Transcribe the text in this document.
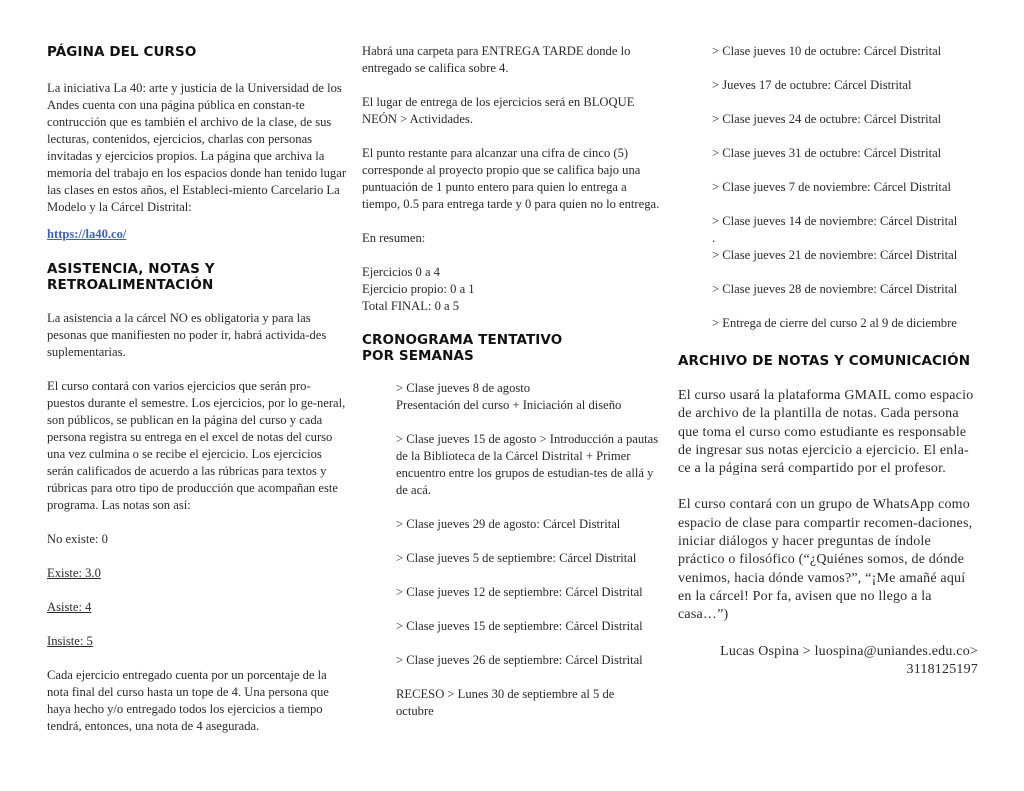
PÁGINA DEL CURSO

La iniciativa La 40: arte y justicia de la Universidad de los Andes cuenta con una página pública en constan-te contrucción que es también el archivo de la clase, de sus lecturas, contenidos, ejercicios, charlas con personas invitadas y ejercicios propios. La página que archiva la memoria del trabajo en los espacios donde han tenido lugar las clases en estos años, el Estableci-miento Carcelario La Modelo y la Cárcel Distrital:

https://la40.co/

ASISTENCIA, NOTAS Y
RETROALIMENTACIÓN

La asistencia a la cárcel NO es obligatoria y para las pesonas que manifiesten no poder ir, habrá activida-des suplementarias.

El curso contará con varios ejercicios que serán pro-puestos durante el semestre. Los ejercicios, por lo ge-neral, son públicos, se publican en la página del curso y cada persona registra su entrega en el excel de notas del curso una vez culmina o se recibe el ejercicio. Los ejercicios serán calificados de acuerdo a las rúbricas para textos y rúbricas para otro tipo de producción que acompañan este programa. Las notas son así:

No existe: 0

Existe: 3.0

Asiste: 4

Insiste: 5

Cada ejercicio entregado cuenta por un porcentaje de la nota final del curso hasta un tope de 4. Una persona que haya hecho y/o entregado todos los ejercicios a tiempo tendrá, entonces, una nota de 4 asegurada.

Habrá una carpeta para ENTREGA TARDE donde lo entregado se califica sobre 4.

El lugar de entrega de los ejercicios será en BLOQUE NEÓN > Actividades.

El punto restante para alcanzar una cifra de cinco (5) corresponde al proyecto propio que se califica bajo una puntuación de 1 punto entero para quien lo entrega a tiempo, 0.5 para entrega tarde y 0 para quien no lo entrega.

En resumen:

Ejercicios 0 a 4

Ejercicio propio: 0 a 1

Total FINAL: 0 a 5

CRONOGRAMA TENTATIVO
POR SEMANAS

> Clase jueves 8 de agosto
Presentación del curso + Iniciación al diseño

> Clase jueves 15 de agosto > Introducción a pautas de la Biblioteca de la Cárcel Distrital + Primer encuentro entre los grupos de estudian-tes de allá y de acá.

> Clase jueves 29 de agosto: Cárcel Distrital

> Clase jueves 5 de septiembre: Cárcel Distrital

> Clase jueves 12 de septiembre: Cárcel Distrital

> Clase jueves 15 de septiembre: Cárcel Distrital

> Clase jueves 26 de septiembre: Cárcel Distrital

RECESO > Lunes 30 de septiembre al 5 de octubre

> Clase jueves 10 de octubre: Cárcel Distrital

> Jueves 17 de octubre: Cárcel Distrital

> Clase jueves 24 de octubre: Cárcel Distrital

> Clase jueves 31 de octubre: Cárcel Distrital

> Clase jueves 7 de noviembre: Cárcel Distrital

> Clase jueves 14 de noviembre: Cárcel Distrital

.

> Clase jueves 21 de noviembre: Cárcel Distrital

> Clase jueves 28 de noviembre: Cárcel Distrital

> Entrega de cierre del curso 2 al 9 de diciembre

ARCHIVO DE NOTAS Y COMUNICACIÓN

El curso usará la plataforma GMAIL como espacio de archivo de la plantilla de notas. Cada persona que toma el curso como estudiante es responsable de ingresar sus notas ejercicio a ejercicio. El enla-ce a la página será compartido por el profesor.

El curso contará con un grupo de WhatsApp como espacio de clase para compartir recomen-daciones, iniciar diálogos y hacer preguntas de índole práctico o filosófico (“¿Quiénes somos, de dónde venimos, hacia dónde vamos?”, “¡Me amañé aquí en la cárcel! Por fa, avisen que no llego a la casa…”)

Lucas Ospina > luospina@uniandes.edu.co>

3118125197
